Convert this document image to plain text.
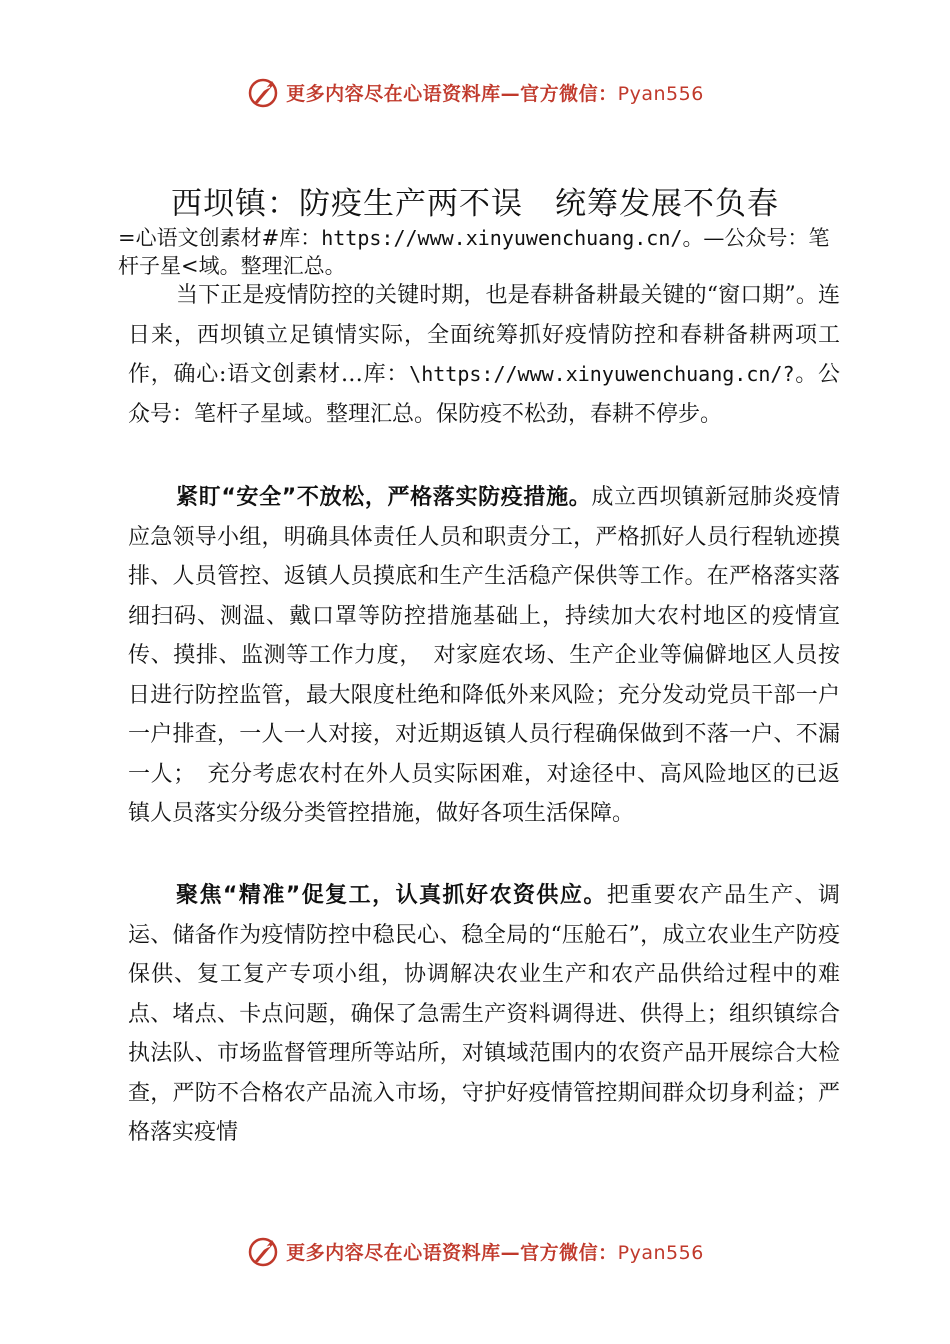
更多内容尽在心语资料库—官方微信：Pyan556
西坝镇：防疫生产两不误　统筹发展不负春
=心语文创素材#库：https://www.xinyuwenchuang.cn/。—公众号：笔杆子星<域。整理汇总。

当下正是疫情防控的关键时期，也是春耕备耕最关键的“窗口期”。连日来，西坝镇立足镇情实际，全面统筹抓好疫情防控和春耕备耕两项工作，确心:语文创素材…库：\https://www.xinyuwenchuang.cn/?。公众号：笔杆子星域。整理汇总。保防疫不松劲，春耕不停步。

紧盯“安全”不放松，严格落实防疫措施。成立西坝镇新冠肺炎疫情应急领导小组，明确具体责任人员和职责分工，严格抓好人员行程轨迹摸排、人员管控、返镇人员摸底和生产生活稳产保供等工作。在严格落实落细扫码、测温、戴口罩等防控措施基础上，持续加大农村地区的疫情宣传、摸排、监测等工作力度，　对家庭农场、生产企业等偏僻地区人员按日进行防控监管，最大限度杜绝和降低外来风险；充分发动党员干部一户一户排查，一人一人对接，对近期返镇人员行程确保做到不落一户、不漏一人；　充分考虑农村在外人员实际困难，对途径中、高风险地区的已返镇人员落实分级分类管控措施，做好各项生活保障。

聚焦“精准”促复工，认真抓好农资供应。把重要农产品生产、调运、储备作为疫情防控中稳民心、稳全局的“压舱石”，成立农业生产防疫保供、复工复产专项小组，协调解决农业生产和农产品供给过程中的难点、堵点、卡点问题，确保了急需生产资料调得进、供得上；组织镇综合执法队、市场监督管理所等站所，对镇域范围内的农资产品开展综合大检查，严防不合格农产品流入市场，守护好疫情管控期间群众切身利益；严格落实疫情

更多内容尽在心语资料库—官方微信：Pyan556
